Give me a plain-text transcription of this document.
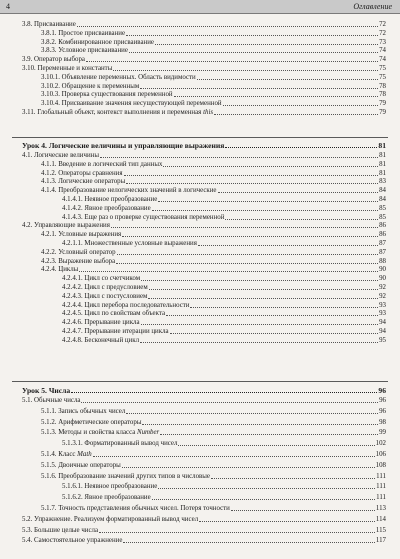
4	Оглавление
3.8. Присваивание	72
3.8.1. Простое присваивание	72
3.8.2. Комбинированное присваивание	73
3.8.3. Условное присваивание	74
3.9. Оператор выбора	74
3.10. Переменные и константы	75
3.10.1. Объявление переменных. Область видимости	75
3.10.2. Обращение к переменным	78
3.10.3. Проверка существования переменной	78
3.10.4. Присваивание значения несуществующей переменной	79
3.11. Глобальный объект, контекст выполнения и переменная this	79
Урок 4. Логические величины и управляющие выражения	81
4.1. Логические величины	81
4.1.1. Введение в логический тип данных	81
4.1.2. Операторы сравнения	81
4.1.3. Логические операторы	83
4.1.4. Преобразование нелогических значений в логические	84
4.1.4.1. Неявное преобразование	84
4.1.4.2. Явное преобразование	85
4.1.4.3. Еще раз о проверке существования переменной	85
4.2. Управляющие выражения	86
4.2.1. Условные выражения	86
4.2.1.1. Множественные условные выражения	87
4.2.2. Условный оператор	87
4.2.3. Выражение выбора	88
4.2.4. Циклы	90
4.2.4.1. Цикл со счетчиком	90
4.2.4.2. Цикл с предусловием	92
4.2.4.3. Цикл с постусловием	92
4.2.4.4. Цикл перебора последовательности	93
4.2.4.5. Цикл по свойствам объекта	93
4.2.4.6. Прерывание цикла	94
4.2.4.7. Прерывание итерации цикла	94
4.2.4.8. Бесконечный цикл	95
Урок 5. Числа	96
5.1. Обычные числа	96
5.1.1. Запись обычных чисел	96
5.1.2. Арифметические операторы	98
5.1.3. Методы и свойства класса Number	99
5.1.3.1. Форматированный вывод чисел	102
5.1.4. Класс Math	106
5.1.5. Двоичные операторы	108
5.1.6. Преобразование значений других типов в числовые	111
5.1.6.1. Неявное преобразование	111
5.1.6.2. Явное преобразование	111
5.1.7. Точность представления обычных чисел. Потеря точности	113
5.2. Упражнение. Реализуем форматированный вывод чисел	114
5.3. Большие целые числа	115
5.4. Самостоятельное упражнение	117
